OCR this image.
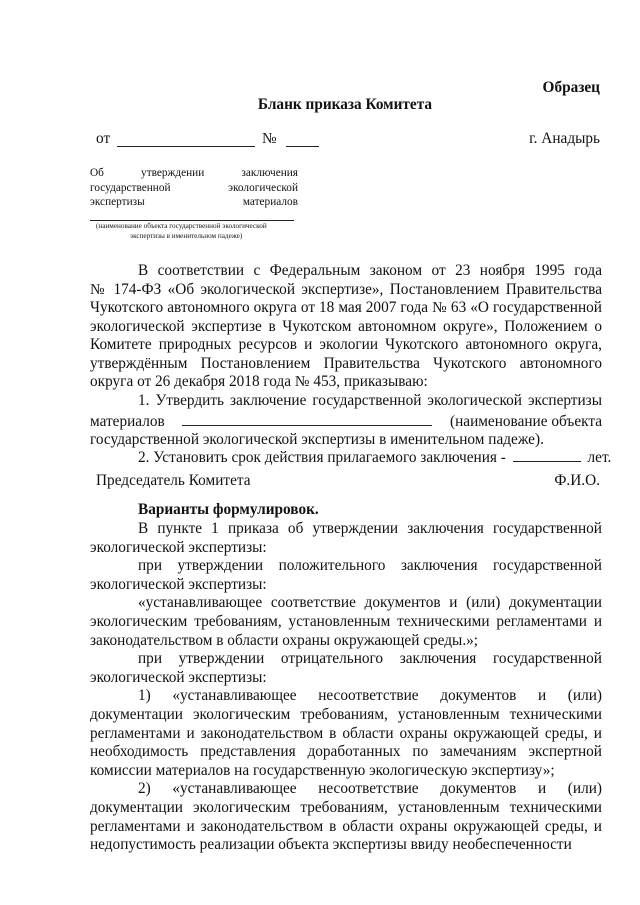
Образец
Бланк приказа Комитета
от	№	г. Анадырь
Об утверждении заключения
государственной экологической
экспертизы материалов
(наименование объекта государственной экологической
экспертизы в именительном падеже)
В соответствии с Федеральным законом от 23 ноября 1995 года
№ 174-ФЗ «Об экологической экспертизе», Постановлением Правительства
Чукотского автономного округа от 18 мая 2007 года № 63 «О государственной
экологической экспертизе в Чукотском автономном округе», Положением о
Комитете природных ресурсов и экологии Чукотского автономного округа,
утверждённым Постановлением Правительства Чукотского автономного
округа от 26 декабря 2018 года № 453, приказываю:
1. Утвердить заключение государственной экологической экспертизы
материалов	(наименование объекта
государственной экологической экспертизы в именительном падеже).
2. Установить срок действия прилагаемого заключения -	лет.
Председатель Комитета	Ф.И.О.
Варианты формулировок.
В пункте 1 приказа об утверждении заключения государственной
экологической экспертизы:
при утверждении положительного заключения государственной
экологической экспертизы:
«устанавливающее соответствие документов и (или) документации
экологическим требованиям, установленным техническими регламентами и
законодательством в области охраны окружающей среды.»;
при утверждении отрицательного заключения государственной
экологической экспертизы:
1) «устанавливающее несоответствие документов и (или)
документации экологическим требованиям, установленным техническими
регламентами и законодательством в области охраны окружающей среды, и
необходимость представления доработанных по замечаниям экспертной
комиссии материалов на государственную экологическую экспертизу»;
2) «устанавливающее несоответствие документов и (или)
документации экологическим требованиям, установленным техническими
регламентами и законодательством в области охраны окружающей среды, и
недопустимость реализации объекта экспертизы ввиду необеспеченности
